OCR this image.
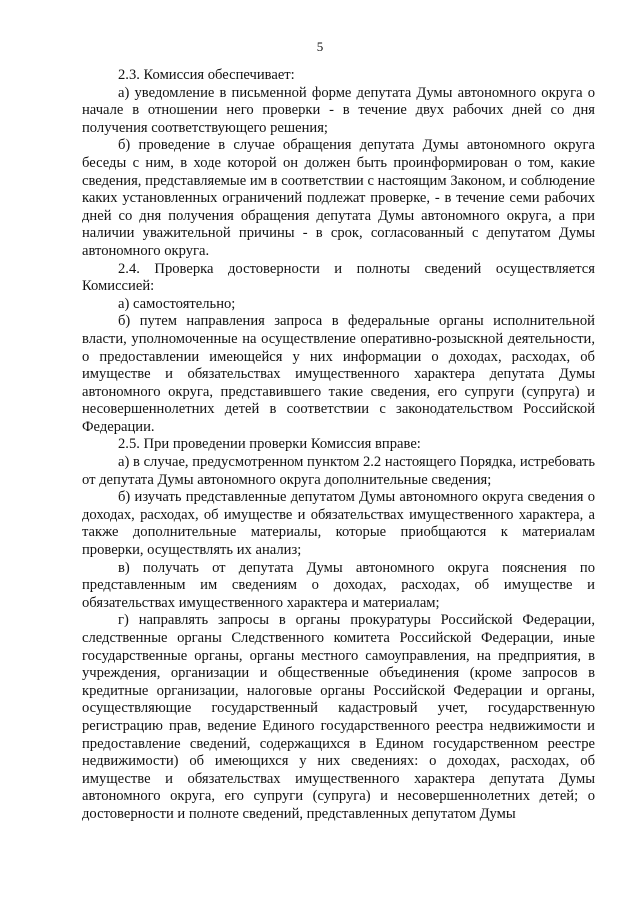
5

2.3. Комиссия обеспечивает:

а) уведомление в письменной форме депутата Думы автономного округа о начале в отношении него проверки - в течение двух рабочих дней со дня получения соответствующего решения;

б) проведение в случае обращения депутата Думы автономного округа беседы с ним, в ходе которой он должен быть проинформирован о том, какие сведения, представляемые им в соответствии с настоящим Законом, и соблюдение каких установленных ограничений подлежат проверке, - в течение семи рабочих дней со дня получения обращения депутата Думы автономного округа, а при наличии уважительной причины - в срок, согласованный с депутатом Думы автономного округа.

2.4. Проверка достоверности и полноты сведений осуществляется Комиссией:

а) самостоятельно;

б) путем направления запроса в федеральные органы исполнительной власти, уполномоченные на осуществление оперативно-розыскной деятельности, о предоставлении имеющейся у них информации о доходах, расходах, об имуществе и обязательствах имущественного характера депутата Думы автономного округа, представившего такие сведения, его супруги (супруга) и несовершеннолетних детей в соответствии с законодательством Российской Федерации.

2.5. При проведении проверки Комиссия вправе:

а) в случае, предусмотренном пунктом 2.2 настоящего Порядка, истребовать от депутата Думы автономного округа дополнительные сведения;

б) изучать представленные депутатом Думы автономного округа сведения о доходах, расходах, об имуществе и обязательствах имущественного характера, а также дополнительные материалы, которые приобщаются к материалам проверки, осуществлять их анализ;

в) получать от депутата Думы автономного округа пояснения по представленным им сведениям о доходах, расходах, об имуществе и обязательствах имущественного характера и материалам;

г) направлять запросы в органы прокуратуры Российской Федерации, следственные органы Следственного комитета Российской Федерации, иные государственные органы, органы местного самоуправления, на предприятия, в учреждения, организации и общественные объединения (кроме запросов в кредитные организации, налоговые органы Российской Федерации и органы, осуществляющие государственный кадастровый учет, государственную регистрацию прав, ведение Единого государственного реестра недвижимости и предоставление сведений, содержащихся в Едином государственном реестре недвижимости) об имеющихся у них сведениях: о доходах, расходах, об имуществе и обязательствах имущественного характера депутата Думы автономного округа, его супруги (супруга) и несовершеннолетних детей; о достоверности и полноте сведений, представленных депутатом Думы
